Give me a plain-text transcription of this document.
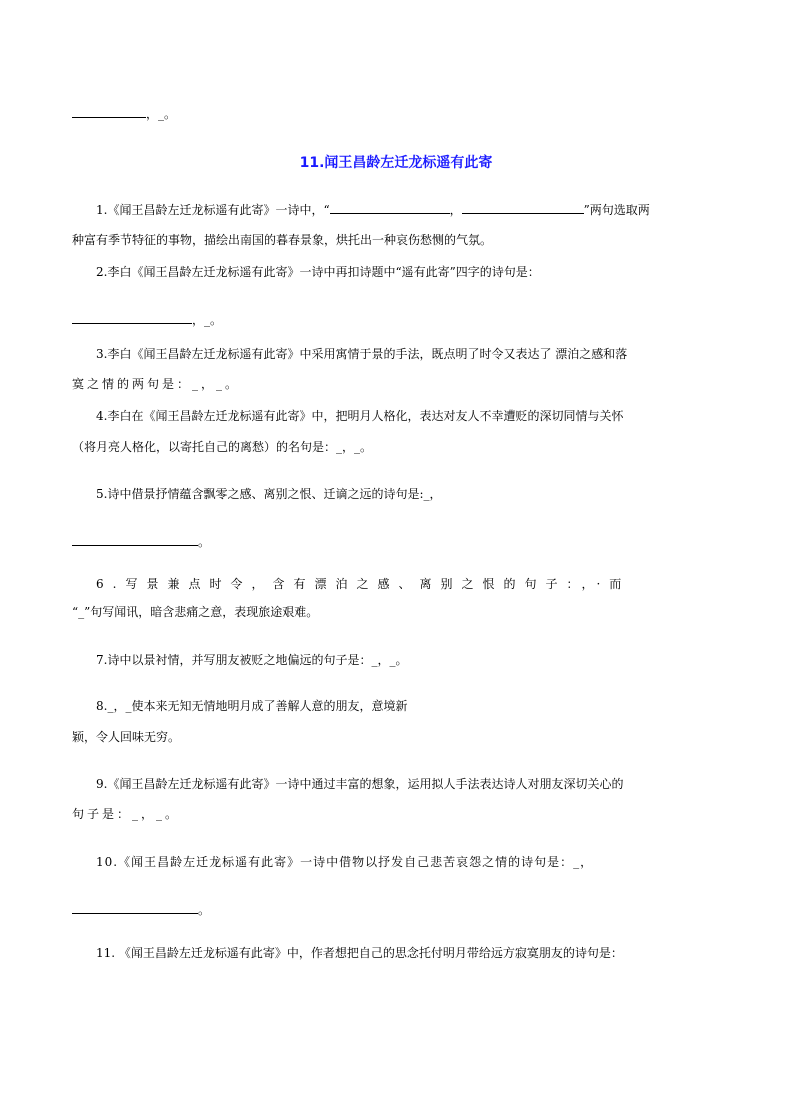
，_。
11.闻王昌龄左迁龙标遥有此寄
1.《闻王昌龄左迁龙标遥有此寄》一诗中，“	，	”两句选取两
种富有季节特征的事物，描绘出南国的暮春景象，烘托出一种哀伤愁恻的气氛。
2.李白《闻王昌龄左迁龙标遥有此寄》一诗中再扣诗题中“遥有此寄”四字的诗句是：
，_。
3.李白《闻王昌龄左迁龙标遥有此寄》中采用寓情于景的手法，既点明了时令又表达了 漂泊之感和落
寞之情的两句是：_，_。
4.李白在《闻王昌龄左迁龙标遥有此寄》中，把明月人格化，表达对友人不幸遭贬的深切同情与关怀
（将月亮人格化，以寄托自己的离愁）的名句是：_，_。
5.诗中借景抒情蕴含飘零之感、离别之恨、迁谪之远的诗句是:_，
。
6.写景兼点时令，含有漂泊之感、离别之恨的句子：，·而
“_”句写闻讯，暗含悲痛之意，表现旅途艰难。
7.诗中以景衬情，并写朋友被贬之地偏远的句子是：_，_。
8._，_使本来无知无情地明月成了善解人意的朋友，意境新
颖，令人回味无穷。
9.《闻王昌龄左迁龙标遥有此寄》一诗中通过丰富的想象，运用拟人手法表达诗人对朋友深切关心的
句子是：_，_。
10.《闻王昌龄左迁龙标遥有此寄》一诗中借物以抒发自己悲苦哀怨之情的诗句是：_，
。
11. 《闻王昌龄左迁龙标遥有此寄》中，作者想把自己的思念托付明月带给远方寂寞朋友的诗句是：
